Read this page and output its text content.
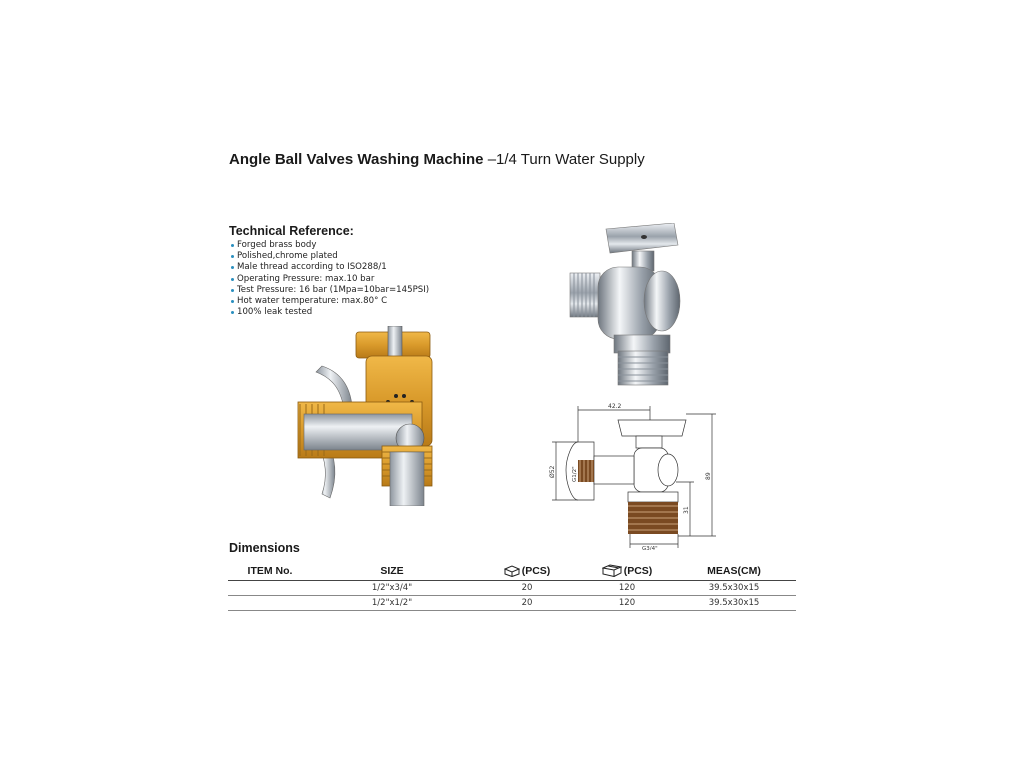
Angle Ball Valves Washing Machine –1/4 Turn Water Supply
Technical Reference:
Forged brass body
Polished,chrome plated
Male thread according to ISO288/1
Operating Pressure: max.10 bar
Test Pressure: 16 bar (1Mpa=10bar=145PSI)
Hot water temperature: max.80° C
100% leak tested
42.2
Ø52	G1/2"	89
31
G3/4"
Dimensions
ITEM No.	SIZE	(PCS)	(PCS)	MEAS(CM)
	1/2"x3/4"	20	120	39.5x30x15
	1/2"x1/2"	20	120	39.5x30x15
